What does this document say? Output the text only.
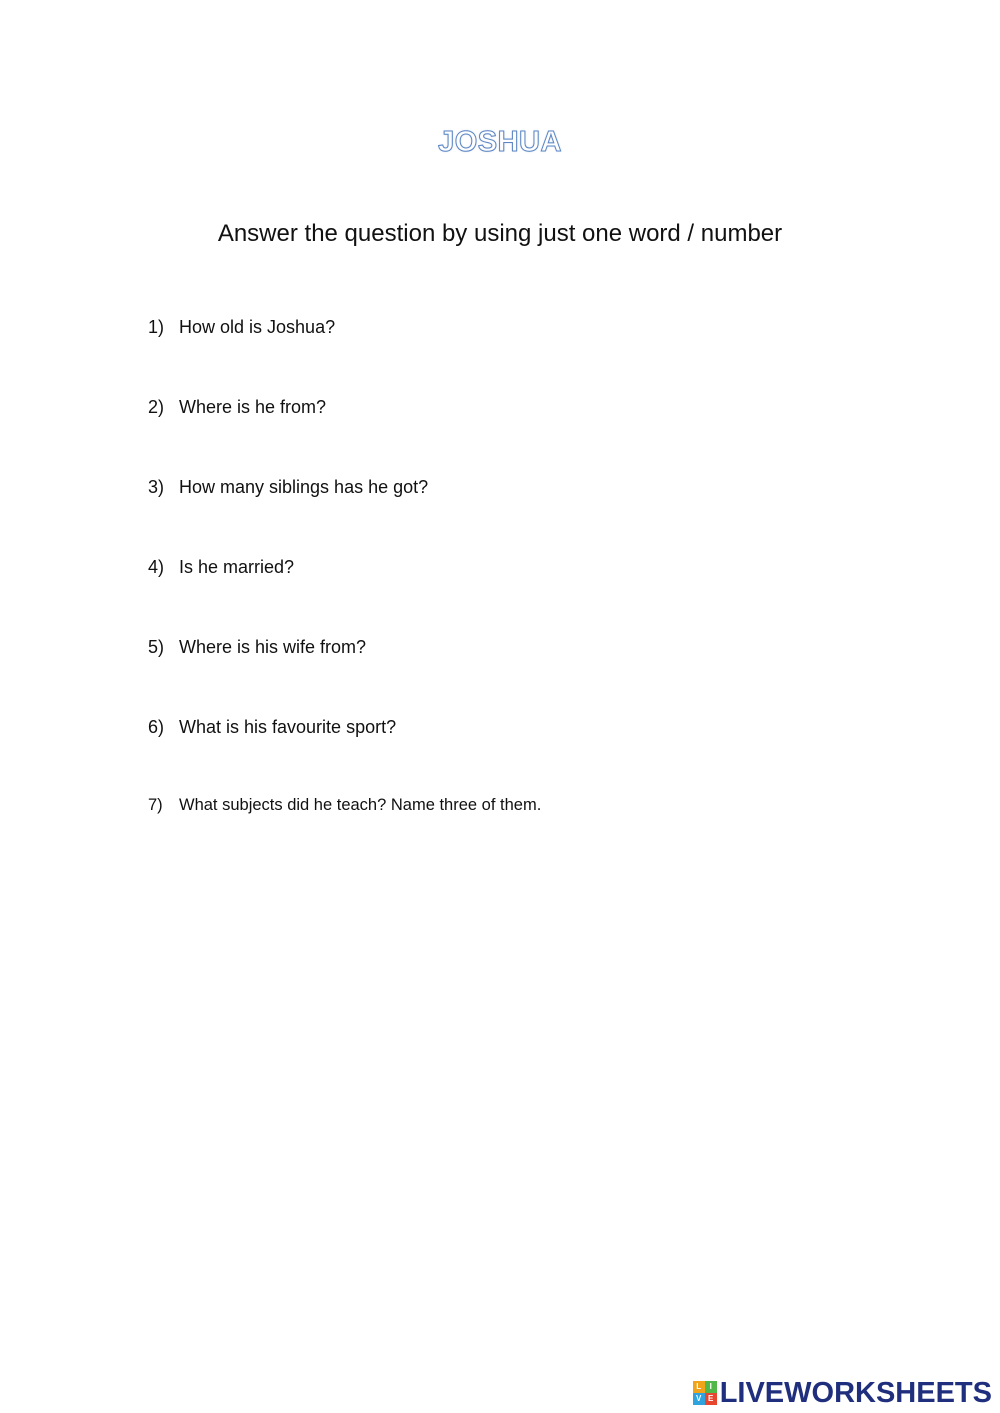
JOSHUA
Answer the question by using just one word / number
1) How old is Joshua?
2) Where is he from?
3) How many siblings has he got?
4) Is he married?
5) Where is his wife from?
6) What is his favourite sport?
7) What subjects did he teach? Name three of them.
L	I
V E LIVEWORKSHEETS
